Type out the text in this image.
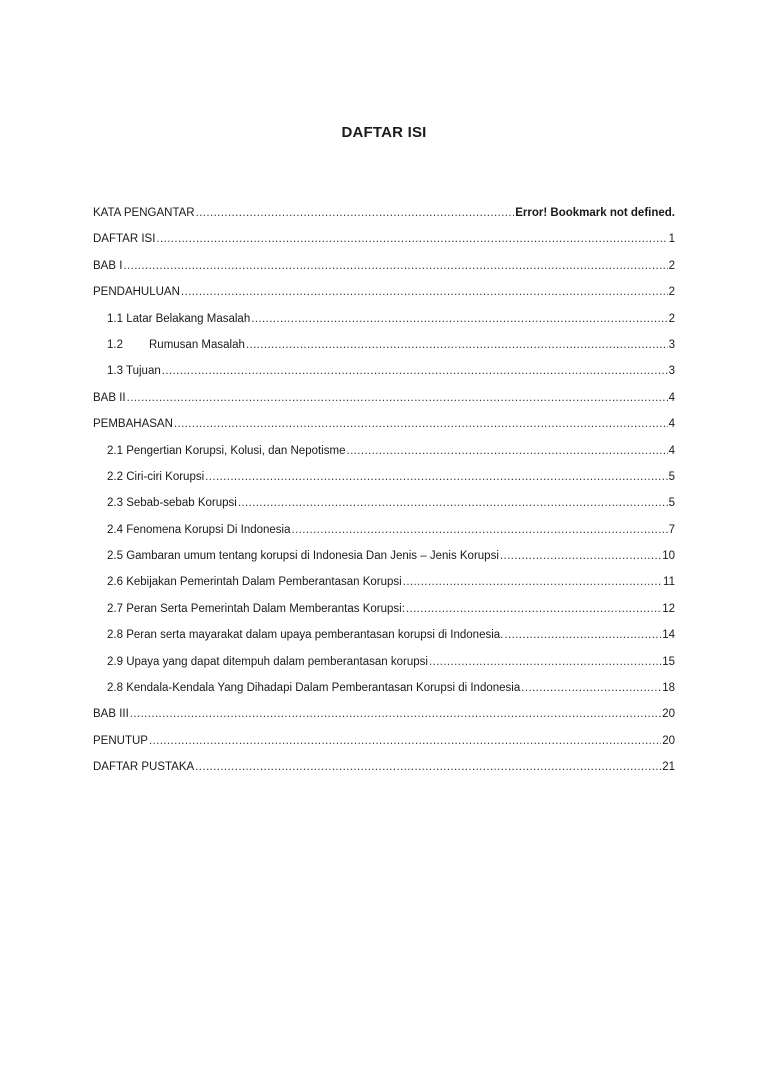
DAFTAR ISI
KATA PENGANTAR .....	Error! Bookmark not defined.
DAFTAR ISI .....	1
BAB I .....	2
PENDAHULUAN .....	2
1.1 Latar Belakang Masalah .....	2
1.2 Rumusan Masalah .....	3
1.3 Tujuan .....	3
BAB II .....	4
PEMBAHASAN .....	4
2.1 Pengertian Korupsi, Kolusi, dan Nepotisme .....	4
2.2 Ciri-ciri Korupsi .....	5
2.3 Sebab-sebab Korupsi .....	5
2.4 Fenomena Korupsi Di Indonesia .....	7
2.5 Gambaran umum tentang korupsi di Indonesia Dan Jenis – Jenis Korupsi .....	10
2.6 Kebijakan Pemerintah Dalam Pemberantasan Korupsi .....	11
2.7 Peran Serta Pemerintah Dalam Memberantas Korupsi: .....	12
2.8 Peran serta mayarakat dalam upaya pemberantasan korupsi di Indonesia. .....	14
2.9 Upaya yang dapat ditempuh dalam pemberantasan korupsi .....	15
2.8 Kendala-Kendala Yang Dihadapi Dalam Pemberantasan Korupsi di Indonesia .....	18
BAB III .....	20
PENUTUP .....	20
DAFTAR PUSTAKA .....	21
